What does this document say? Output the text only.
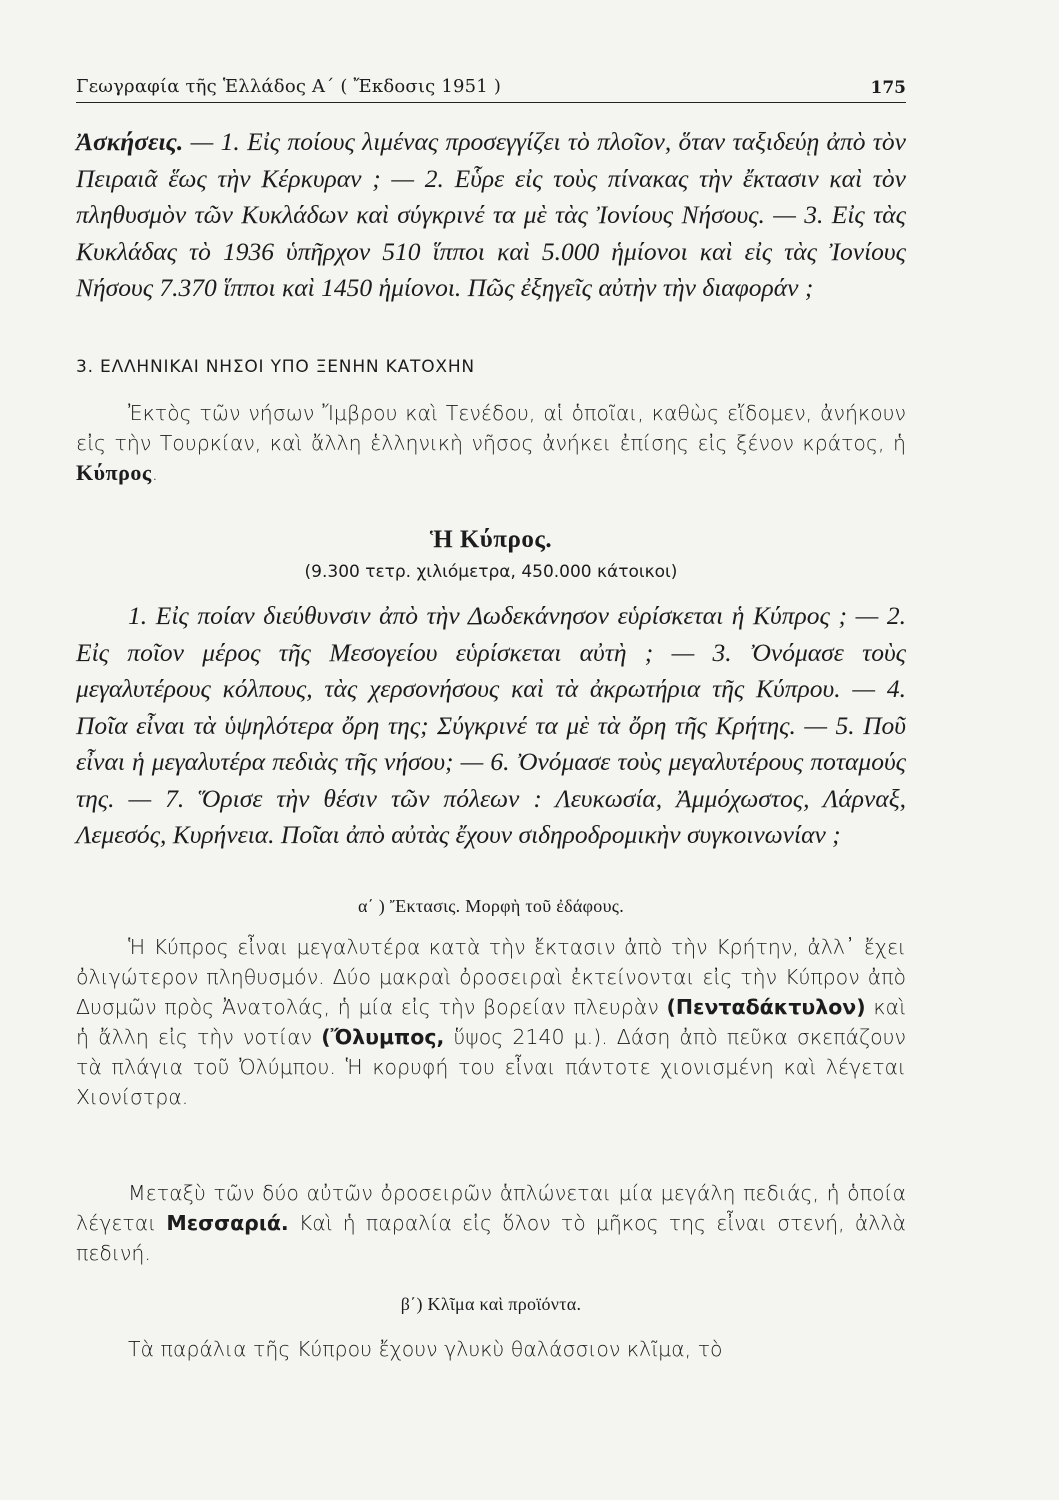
Γεωγραφία τῆς Ἑλλάδος Α΄ ( Ἔκδοσις 1951 )	175

Ἀσκήσεις. — 1. Εἰς ποίους λιμένας προσεγγίζει τὸ πλοῖον, ὅταν ταξιδεύῃ ἀπὸ τὸν Πειραιᾶ ἕως τὴν Κέρκυραν ; — 2. Εὗρε εἰς τοὺς πίνακας τὴν ἔκτασιν καὶ τὸν πληθυσμὸν τῶν Κυκλάδων καὶ σύγκρινέ τα μὲ τὰς Ἰονίους Νήσους. — 3. Εἰς τὰς Κυκλάδας τὸ 1936 ὑπῆρχον 510 ἵπποι καὶ 5.000 ἡμίονοι καὶ εἰς τὰς Ἰονίους Νήσους 7.370 ἵπποι καὶ 1450 ἡμίονοι. Πῶς ἐξηγεῖς αὐτὴν τὴν διαφοράν ;

3. ΕΛΛΗΝΙΚΑΙ ΝΗΣΟΙ ΥΠΟ ΞΕΝΗΝ ΚΑΤΟΧΗΝ

Ἐκτὸς τῶν νήσων Ἴμβρου καὶ Τενέδου, αἱ ὁποῖαι, καθὼς εἴδομεν, ἀνήκουν εἰς τὴν Τουρκίαν, καὶ ἄλλη ἑλληνικὴ νῆσος ἀνήκει ἐπίσης εἰς ξένον κράτος, ἡ Κύπρος.

Ἡ Κύπρος.
(9.300 τετρ. χιλιόμετρα, 450.000 κάτοικοι)

1. Εἰς ποίαν διεύθυνσιν ἀπὸ τὴν Δωδεκάνησον εὑρίσκεται ἡ Κύπρος ; — 2. Εἰς ποῖον μέρος τῆς Μεσογείου εὑρίσκεται αὐτὴ ; — 3. Ὀνόμασε τοὺς μεγαλυτέρους κόλπους, τὰς χερσονήσους καὶ τὰ ἀκρωτήρια τῆς Κύπρου. — 4. Ποῖα εἶναι τὰ ὑψηλότερα ὄρη της; Σύγκρινέ τα μὲ τὰ ὄρη τῆς Κρήτης. — 5. Ποῦ εἶναι ἡ μεγαλυτέρα πεδιὰς τῆς νήσου; — 6. Ὀνόμασε τοὺς μεγαλυτέρους ποταμούς της. — 7. Ὅρισε τὴν θέσιν τῶν πόλεων : Λευκωσία, Ἀμμόχωστος, Λάρναξ, Λεμεσός, Κυρήνεια. Ποῖαι ἀπὸ αὐτὰς ἔχουν σιδηροδρομικὴν συγκοινωνίαν ;

α΄ ) Ἔκτασις. Μορφὴ τοῦ ἐδάφους.

Ἡ Κύπρος εἶναι μεγαλυτέρα κατὰ τὴν ἔκτασιν ἀπὸ τὴν Κρήτην, ἀλλ᾽ ἔχει ὀλιγώτερον πληθυσμόν. Δύο μακραὶ ὀροσειραὶ ἐκτείνονται εἰς τὴν Κύπρον ἀπὸ Δυσμῶν πρὸς Ἀνατολάς, ἡ μία εἰς τὴν βορείαν πλευρὰν (Πενταδάκτυλον) καὶ ἡ ἄλλη εἰς τὴν νοτίαν (Ὄλυμπος, ὕψος 2140 μ.). Δάση ἀπὸ πεῦκα σκεπάζουν τὰ πλάγια τοῦ Ὀλύμπου. Ἡ κορυφή του εἶναι πάντοτε χιονισμένη καὶ λέγεται Χιονίστρα.

Μεταξὺ τῶν δύο αὐτῶν ὀροσειρῶν ἁπλώνεται μία μεγάλη πεδιάς, ἡ ὁποία λέγεται Μεσσαριά. Καὶ ἡ παραλία εἰς ὅλον τὸ μῆκος της εἶναι στενή, ἀλλὰ πεδινή.

β΄) Κλῖμα καὶ προϊόντα.

Τὰ παράλια τῆς Κύπρου ἔχουν γλυκὺ θαλάσσιον κλῖμα, τὸ
